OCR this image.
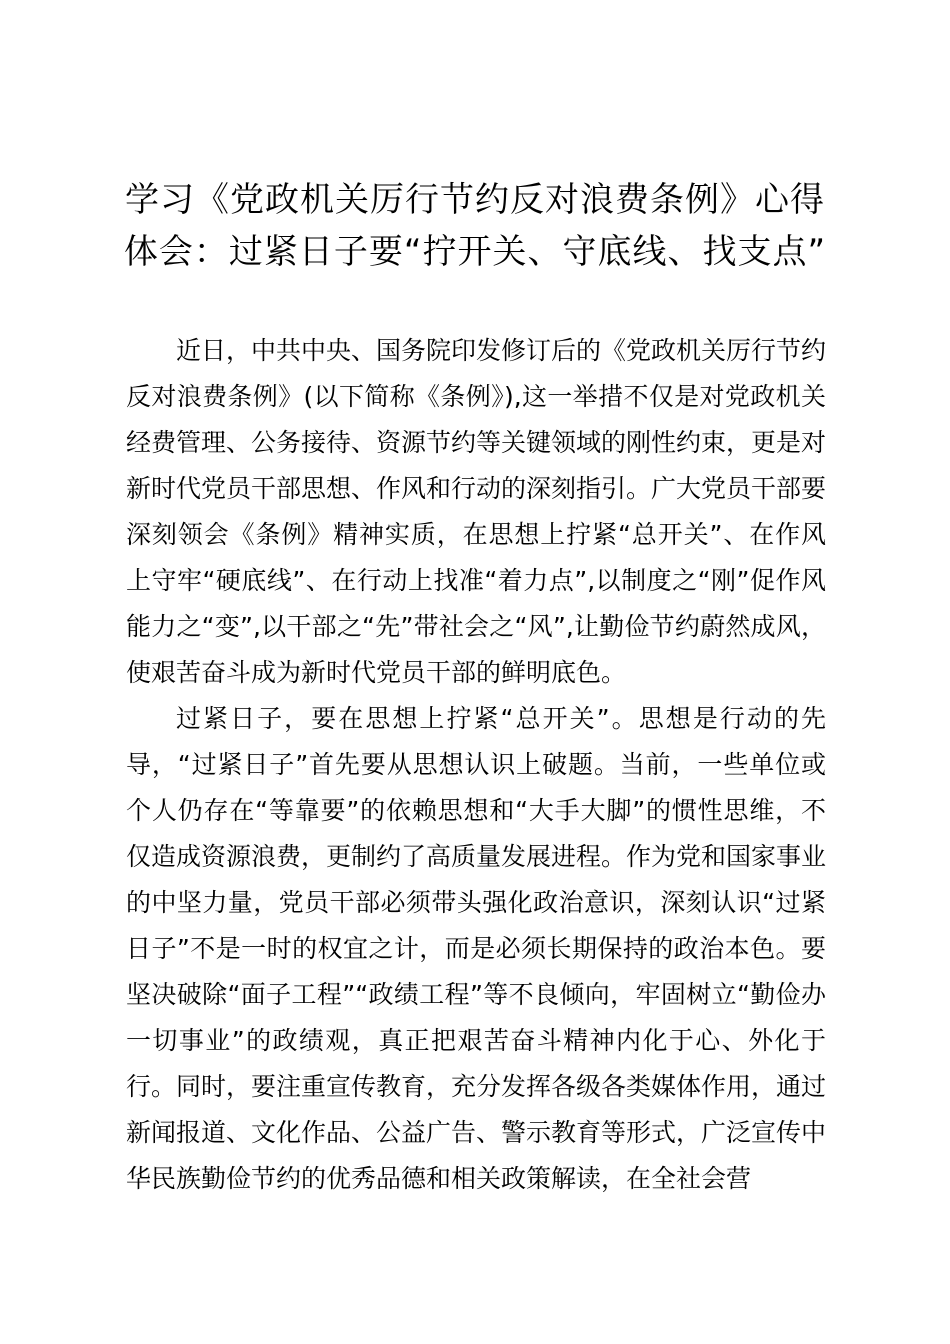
学习《党政机关厉行节约反对浪费条例》心得体会：过紧日子要“拧开关、守底线、找支点”

近日，中共中央、国务院印发修订后的《党政机关厉行节约反对浪费条例》(以下简称《条例》),这一举措不仅是对党政机关经费管理、公务接待、资源节约等关键领域的刚性约束，更是对新时代党员干部思想、作风和行动的深刻指引。广大党员干部要深刻领会《条例》精神实质，在思想上拧紧“总开关”、在作风上守牢“硬底线”、在行动上找准“着力点”,以制度之“刚”促作风能力之“变”,以干部之“先”带社会之“风”,让勤俭节约蔚然成风，使艰苦奋斗成为新时代党员干部的鲜明底色。

过紧日子，要在思想上拧紧“总开关”。思想是行动的先导，“过紧日子”首先要从思想认识上破题。当前，一些单位或个人仍存在“等靠要”的依赖思想和“大手大脚”的惯性思维，不仅造成资源浪费，更制约了高质量发展进程。作为党和国家事业的中坚力量，党员干部必须带头强化政治意识，深刻认识“过紧日子”不是一时的权宜之计，而是必须长期保持的政治本色。要坚决破除“面子工程”“政绩工程”等不良倾向，牢固树立“勤俭办一切事业”的政绩观，真正把艰苦奋斗精神内化于心、外化于行。同时，要注重宣传教育，充分发挥各级各类媒体作用，通过新闻报道、文化作品、公益广告、警示教育等形式，广泛宣传中华民族勤俭节约的优秀品德和相关政策解读，在全社会营
